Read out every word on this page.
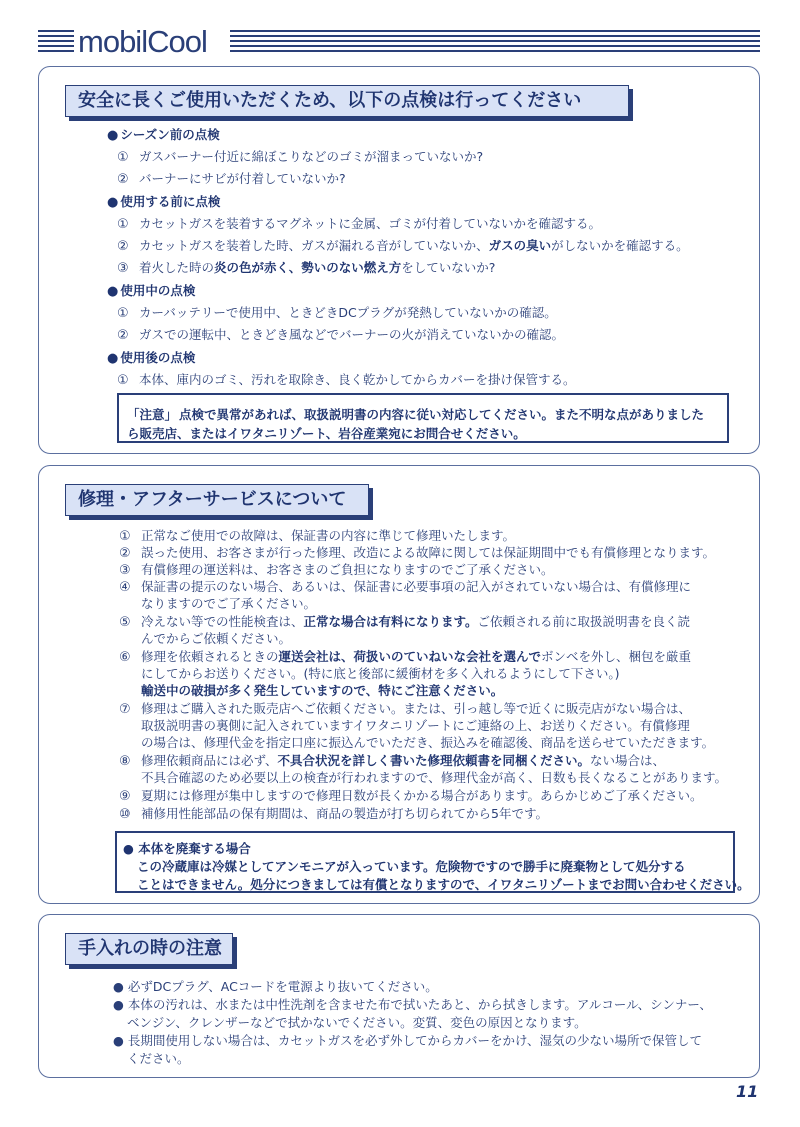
mobilCool
安全に長くご使用いただくため、以下の点検は行ってください
● シーズン前の点検
① ガスバーナー付近に綿ぼこりなどのゴミが溜まっていないか?
② バーナーにサビが付着していないか?
● 使用する前に点検
① カセットガスを装着するマグネットに金属、ゴミが付着していないかを確認する。
② カセットガスを装着した時、ガスが漏れる音がしていないか、ガスの臭いがしないかを確認する。
③ 着火した時の炎の色が赤く、勢いのない燃え方をしていないか?
● 使用中の点検
① カーバッテリーで使用中、ときどきDCプラグが発熱していないかの確認。
② ガスでの運転中、ときどき風などでバーナーの火が消えていないかの確認。
● 使用後の点検
① 本体、庫内のゴミ、汚れを取除き、良く乾かしてからカバーを掛け保管する。
「注意」 点検で異常があれば、取扱説明書の内容に従い対応してください。また不明な点がありました
ら販売店、またはイワタニリゾート、岩谷産業宛にお問合せください。
修理・アフターサービスについて
① 正常なご使用での故障は、保証書の内容に準じて修理いたします。
② 誤った使用、お客さまが行った修理、改造による故障に関しては保証期間中でも有償修理となります。
③ 有償修理の運送料は、お客さまのご負担になりますのでご了承ください。
④ 保証書の提示のない場合、あるいは、保証書に必要事項の記入がされていない場合は、有償修理に
なりますのでご了承ください。
⑤ 冷えない等での性能検査は、正常な場合は有料になります。ご依頼される前に取扱説明書を良く読
んでからご依頼ください。
⑥ 修理を依頼されるときの運送会社は、荷扱いのていねいな会社を選んでボンベを外し、梱包を厳重
にしてからお送りください。(特に底と後部に緩衝材を多く入れるようにして下さい。)
輸送中の破損が多く発生していますので、特にご注意ください。
⑦ 修理はご購入された販売店へご依頼ください。または、引っ越し等で近くに販売店がない場合は、
取扱説明書の裏側に記入されていますイワタニリゾートにご連絡の上、お送りください。有償修理
の場合は、修理代金を指定口座に振込んでいただき、振込みを確認後、商品を送らせていただきます。
⑧ 修理依頼商品には必ず、不具合状況を詳しく書いた修理依頼書を同梱ください。ない場合は、
不具合確認のため必要以上の検査が行われますので、修理代金が高く、日数も長くなることがあります。
⑨ 夏期には修理が集中しますので修理日数が長くかかる場合があります。あらかじめご了承ください。
⑩ 補修用性能部品の保有期間は、商品の製造が打ち切られてから5年です。
● 本体を廃棄する場合
この冷蔵庫は冷媒としてアンモニアが入っています。危険物ですので勝手に廃棄物として処分する
ことはできません。処分につきましては有償となりますので、イワタニリゾートまでお問い合わせください。
手入れの時の注意
● 必ずDCプラグ、ACコードを電源より抜いてください。
● 本体の汚れは、水または中性洗剤を含ませた布で拭いたあと、から拭きします。アルコール、シンナー、
ベンジン、クレンザーなどで拭かないでください。変質、変色の原因となります。
● 長期間使用しない場合は、カセットガスを必ず外してからカバーをかけ、湿気の少ない場所で保管して
ください。
11
